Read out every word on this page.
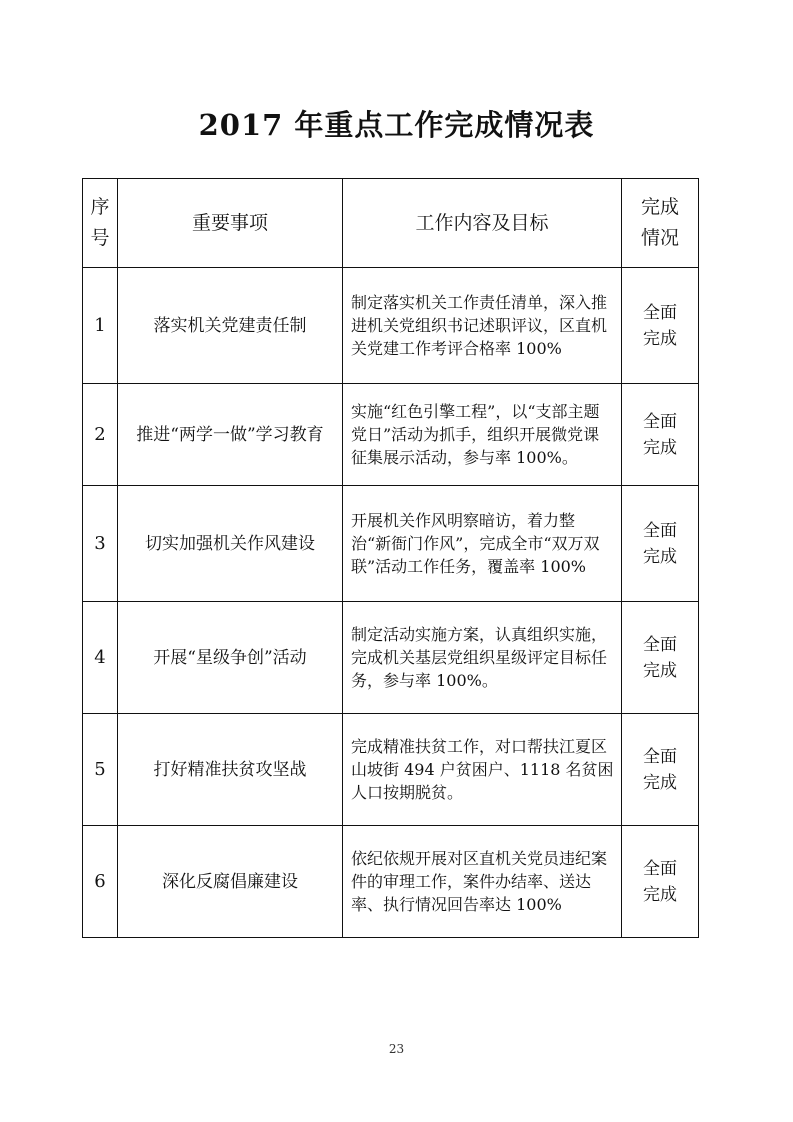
2017 年重点工作完成情况表
序
号	重要事项	工作内容及目标	完成
情况

1	落实机关党建责任制	制定落实机关工作责任清单，深入推进机关党组织书记述职评议，区直机关党建工作考评合格率 100%	全面
完成

2	推进“两学一做”学习教育	实施“红色引擎工程”，以“支部主题党日”活动为抓手，组织开展微党课征集展示活动，参与率 100%。	全面
完成

3	切实加强机关作风建设	开展机关作风明察暗访，着力整治“新衙门作风”，完成全市“双万双联”活动工作任务，覆盖率 100%	全面
完成

4	开展“星级争创”活动	制定活动实施方案，认真组织实施，完成机关基层党组织星级评定目标任务，参与率 100%。	全面
完成

5	打好精准扶贫攻坚战	完成精准扶贫工作，对口帮扶江夏区山坡街 494 户贫困户、1118 名贫困人口按期脱贫。	全面
完成

6	深化反腐倡廉建设	依纪依规开展对区直机关党员违纪案件的审理工作，案件办结率、送达率、执行情况回告率达 100%	全面
完成
23
